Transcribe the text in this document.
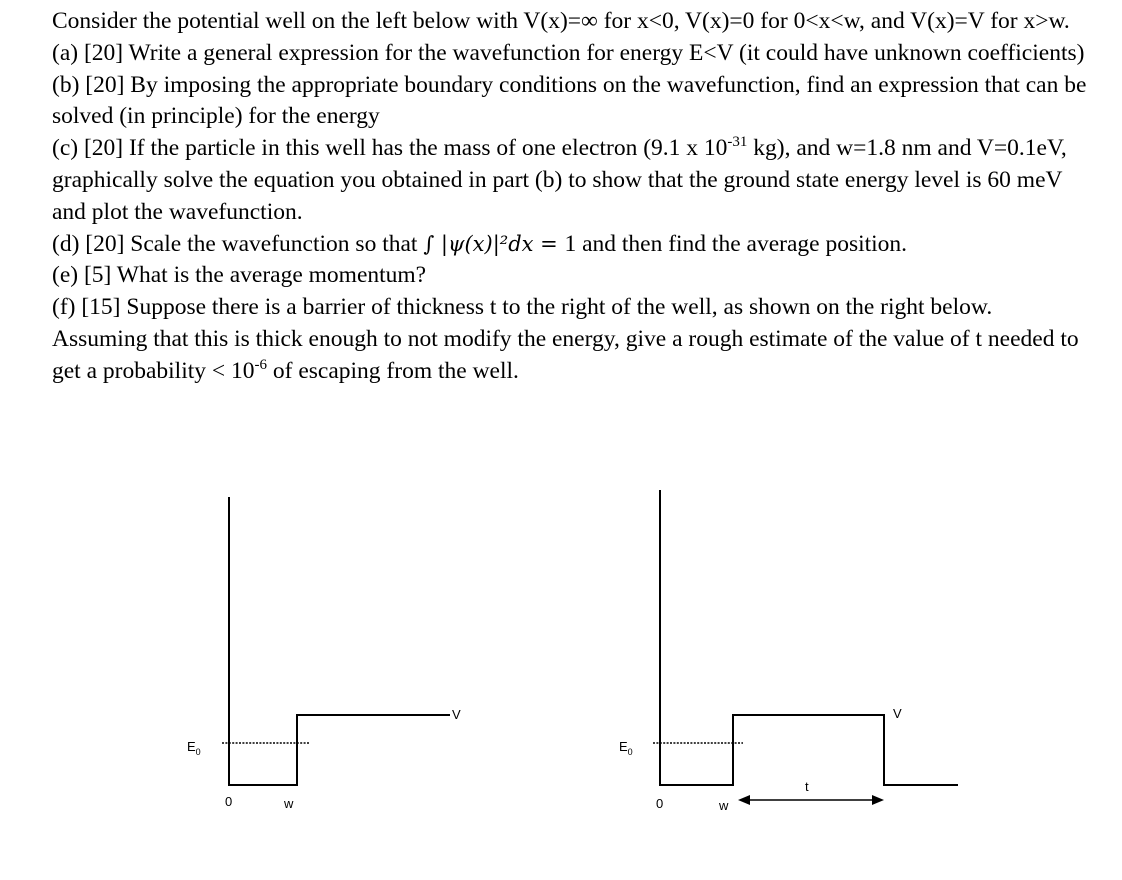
Consider the potential well on the left below with V(x)=∞ for x<0, V(x)=0 for 0<x<w, and V(x)=V for x>w.

(a) [20] Write a general expression for the wavefunction for energy E<V (it could have unknown coefficients)

(b) [20] By imposing the appropriate boundary conditions on the wavefunction, find an expression that can be solved (in principle) for the energy

(c) [20] If the particle in this well has the mass of one electron (9.1 x $10^{-31}$ kg), and w=1.8 nm and V=0.1eV, graphically solve the equation you obtained in part (b) to show that the ground state energy level is 60 meV and plot the wavefunction.

(d) [20] Scale the wavefunction so that ∫ |ψ(x)|²dx = 1 and then find the average position.

(e) [5] What is the average momentum?

(f) [15] Suppose there is a barrier of thickness t to the right of the well, as shown on the right below. Assuming that this is thick enough to not modify the energy, give a rough estimate of the value of t needed to get a probability < $10^{-6}$ of escaping from the well.

$E_0$
V
0	w
$E_0$
V
0	w
t
